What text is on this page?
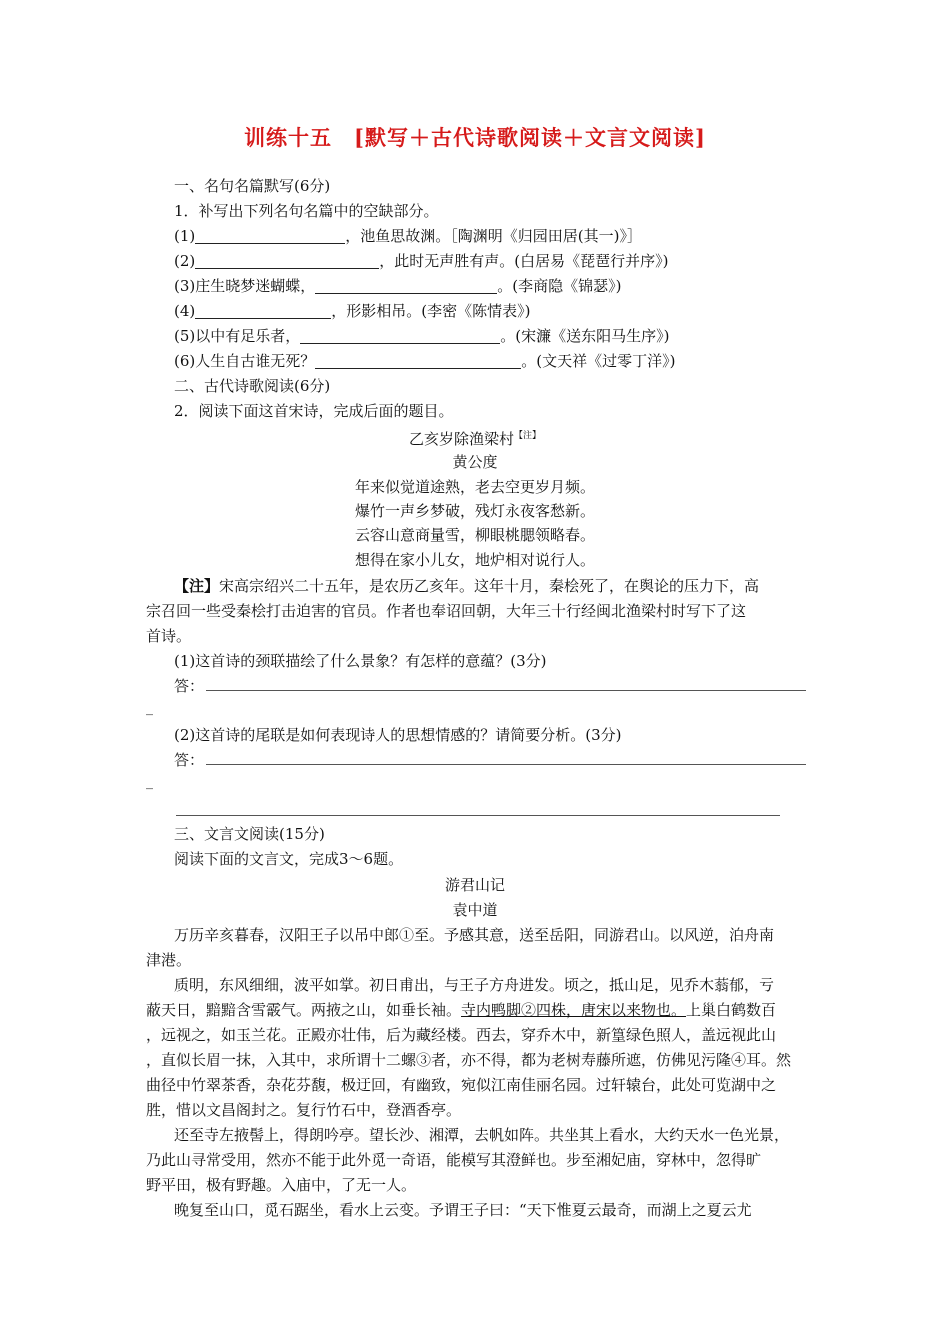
训练十五　[默写＋古代诗歌阅读＋文言文阅读]
一、名句名篇默写(6分)
1．补写出下列名句名篇中的空缺部分。
(1)	，池鱼思故渊。［陶渊明《归园田居(其一)》］
(2)	，此时无声胜有声。(白居易《琵琶行并序》)
(3)庄生晓梦迷蝴蝶，	。(李商隐《锦瑟》)
(4)	，形影相吊。(李密《陈情表》)
(5)以中有足乐者，	。(宋濂《送东阳马生序》)
(6)人生自古谁无死？	。(文天祥《过零丁洋》)
二、古代诗歌阅读(6分)
2．阅读下面这首宋诗，完成后面的题目。
乙亥岁除渔梁村$^{【注】}$
黄公度
年来似觉道途熟，老去空更岁月频。
爆竹一声乡梦破，残灯永夜客愁新。
云容山意商量雪，柳眼桃腮领略春。
想得在家小儿女，地炉相对说行人。
【注】宋高宗绍兴二十五年，是农历乙亥年。这年十月，秦桧死了，在舆论的压力下，高
宗召回一些受秦桧打击迫害的官员。作者也奉诏回朝，大年三十行经闽北渔梁村时写下了这
首诗。
(1)这首诗的颈联描绘了什么景象？有怎样的意蕴？(3分)
答：
_
(2)这首诗的尾联是如何表现诗人的思想情感的？请简要分析。(3分)
答：
_
三、文言文阅读(15分)
阅读下面的文言文，完成3～6题。
游君山记
袁中道
万历辛亥暮春，汉阳王子以吊中郎①至。予感其意，送至岳阳，同游君山。以风逆，泊舟南
津港。
质明，东风细细，波平如掌。初日甫出，与王子方舟进发。顷之，抵山足，见乔木蓊郁，亏
蔽天日，黯黯含雪霰气。两掖之山，如垂长袖。寺内鸭脚②四株，唐宋以来物也。上巢白鹤数百
，远视之，如玉兰花。正殿亦壮伟，后为藏经楼。西去，穿乔木中，新篁绿色照人，盖远视此山
，直似长眉一抹，入其中，求所谓十二螺③者，亦不得，都为老树寿藤所遮，仿佛见污隆④耳。然
曲径中竹翠茶香，杂花芬馥，极迂回，有幽致，宛似江南佳丽名园。过轩辕台，此处可览湖中之
胜，惜以文昌阁封之。复行竹石中，登酒香亭。
还至寺左掖髻上，得朗吟亭。望长沙、湘潭，去帆如阵。共坐其上看水，大约天水一色光景，
乃此山寻常受用，然亦不能于此外觅一奇语，能模写其澄鲜也。步至湘妃庙，穿林中，忽得旷
野平田，极有野趣。入庙中，了无一人。
晚复至山口，觅石踞坐，看水上云变。予谓王子曰：“天下惟夏云最奇，而湖上之夏云尤
